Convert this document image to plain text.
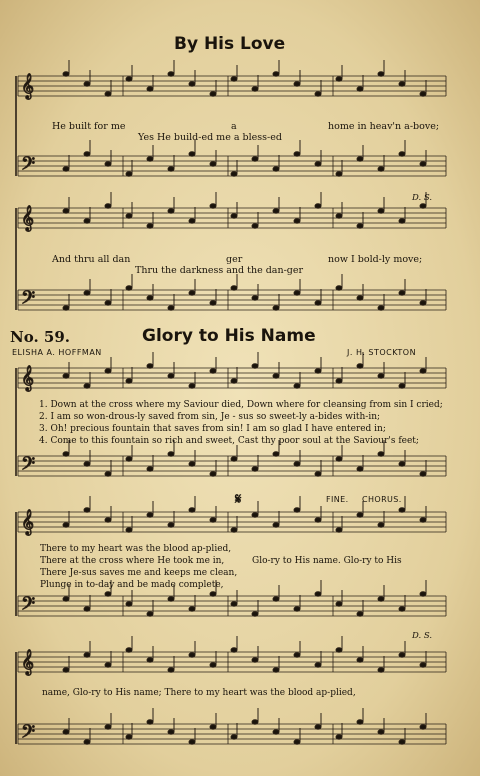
𝄞
𝄢
𝄞
𝄢
𝄞
𝄢
𝄞
𝄢
𝄞
𝄢
By His Love
He built for me	a	home in heav'n a-bove;
Yes He build-ed me a bless-ed
D. S.
And thru all dan	ger	now I bold-ly move;
Thru the darkness and the dan-ger
No. 59.	Glory to His Name
ELISHA A. HOFFMAN	J. H. STOCKTON
1. Down at the cross where my Saviour died, Down where for cleansing from sin I cried;
2. I am so won-drous-ly saved from sin, Je - sus so sweet-ly a-bides with-in;
3. Oh! precious fountain that saves from sin! I am so glad I have entered in;
4. Come to this fountain so rich and sweet, Cast thy poor soul at the Saviour's feet;
𝄋	FINE. CHORUS.
There to my heart was the blood ap-plied,
There at the cross where He took me in,
There Je-sus saves me and keeps me clean,
Plunge in to-day and be made complete,
Glo-ry to His name. Glo-ry to His
D. S.
name, Glo-ry to His name; There to my heart was the blood ap-plied,
